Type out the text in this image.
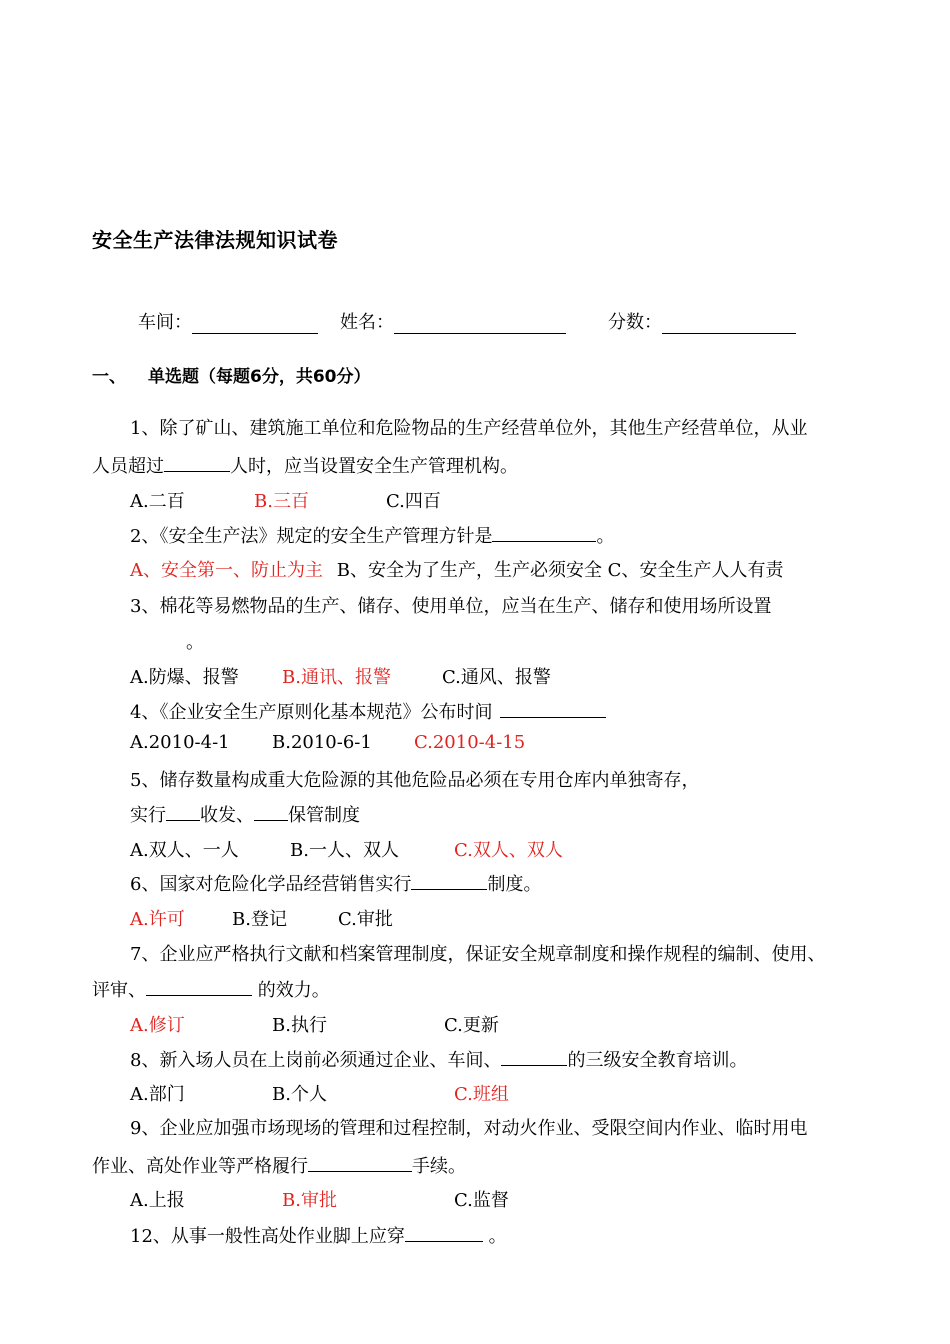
安全生产法律法规知识试卷
车间：	姓名：	分数：
一、 单选题（每题6分，共60分）
1、除了矿山、建筑施工单位和危险物品的生产经营单位外，其他生产经营单位，从业
人员超过	人时，应当设置安全生产管理机构。
A.二百	B.三百	C.四百
2、《安全生产法》规定的安全生产管理方针是	。
A、安全第一、防止为主 B、安全为了生产，生产必须安全 C、安全生产人人有责
3、棉花等易燃物品的生产、储存、使用单位，应当在生产、储存和使用场所设置
。
A.防爆、报警 B.通讯、报警	C.通风、报警
4、《企业安全生产原则化基本规范》公布时间
A.2010-4-1 B.2010-6-1 C.2010-4-15
5、储存数量构成重大危险源的其他危险品必须在专用仓库内单独寄存，
实行 收发、 保管制度
A.双人、一人	B.一人、双人	C.双人、双人
6、国家对危险化学品经营销售实行	制度。
A.许可	B.登记	C.审批
7、企业应严格执行文献和档案管理制度，保证安全规章制度和操作规程的编制、使用、
评审、	的效力。
A.修订	B.执行	C.更新
8、新入场人员在上岗前必须通过企业、车间、	的三级安全教育培训。
A.部门	B.个人	C.班组
9、企业应加强市场现场的管理和过程控制，对动火作业、受限空间内作业、临时用电
作业、高处作业等严格履行	手续。
A.上报	B.审批	C.监督
12、从事一般性高处作业脚上应穿	。
